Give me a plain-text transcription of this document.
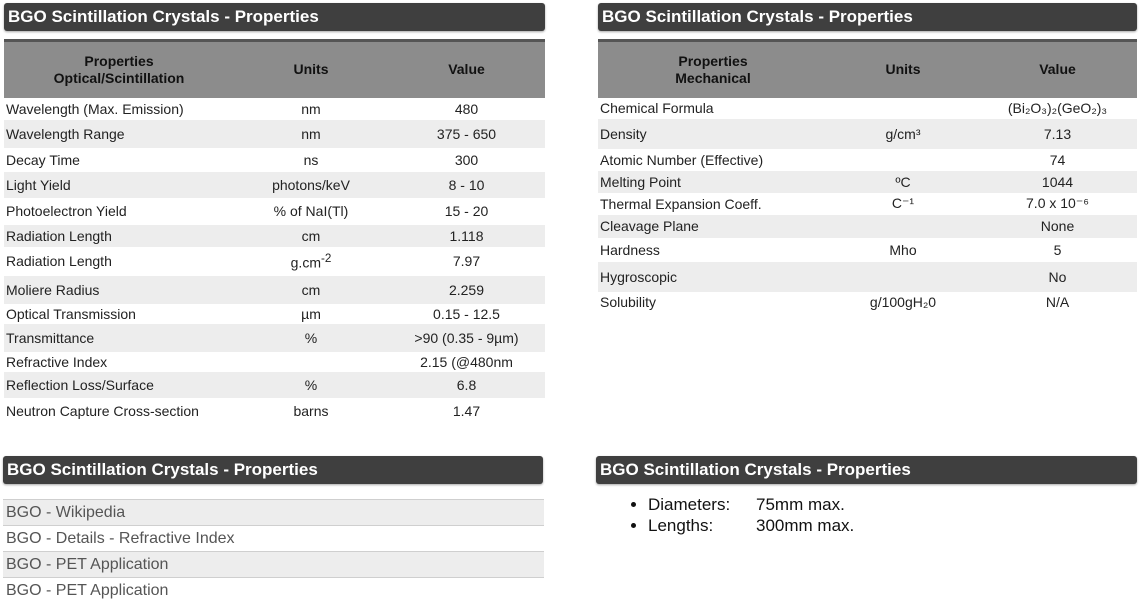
BGO Scintillation Crystals - Properties
Properties
Optical/Scintillation	Units	Value
Wavelength (Max. Emission)	nm	480
Wavelength Range	nm	375 - 650
Decay Time	ns	300
Light Yield	photons/keV	8 - 10
Photoelectron Yield	% of NaI(Tl)	15 - 20
Radiation Length	cm	1.118
Radiation Length	$g.cm^{-2}$	7.97
Moliere Radius	cm	2.259
Optical Transmission	µm	0.15 - 12.5
Transmittance	%	>90 (0.35 - 9µm)
Refractive Index		2.15 (@480nm
Reflection Loss/Surface	%	6.8
Neutron Capture Cross-section	barns	1.47
BGO Scintillation Crystals - Properties
Properties
Mechanical	Units	Value
Chemical Formula		(Bi₂O₃)₂(GeO₂)₃
Density	g/cm³	7.13
Atomic Number (Effective)		74
Melting Point	ºC	1044
Thermal Expansion Coeff.	C⁻¹	7.0 x 10⁻⁶
Cleavage Plane		None
Hardness	Mho	5
Hygroscopic		No
Solubility	g/100gH₂0	N/A
BGO Scintillation Crystals - Properties
BGO - Wikipedia
BGO - Details - Refractive Index
BGO - PET Application
BGO - PET Application
BGO Scintillation Crystals - Properties
• Diameters: 75mm max.
• Lengths:	300mm max.
